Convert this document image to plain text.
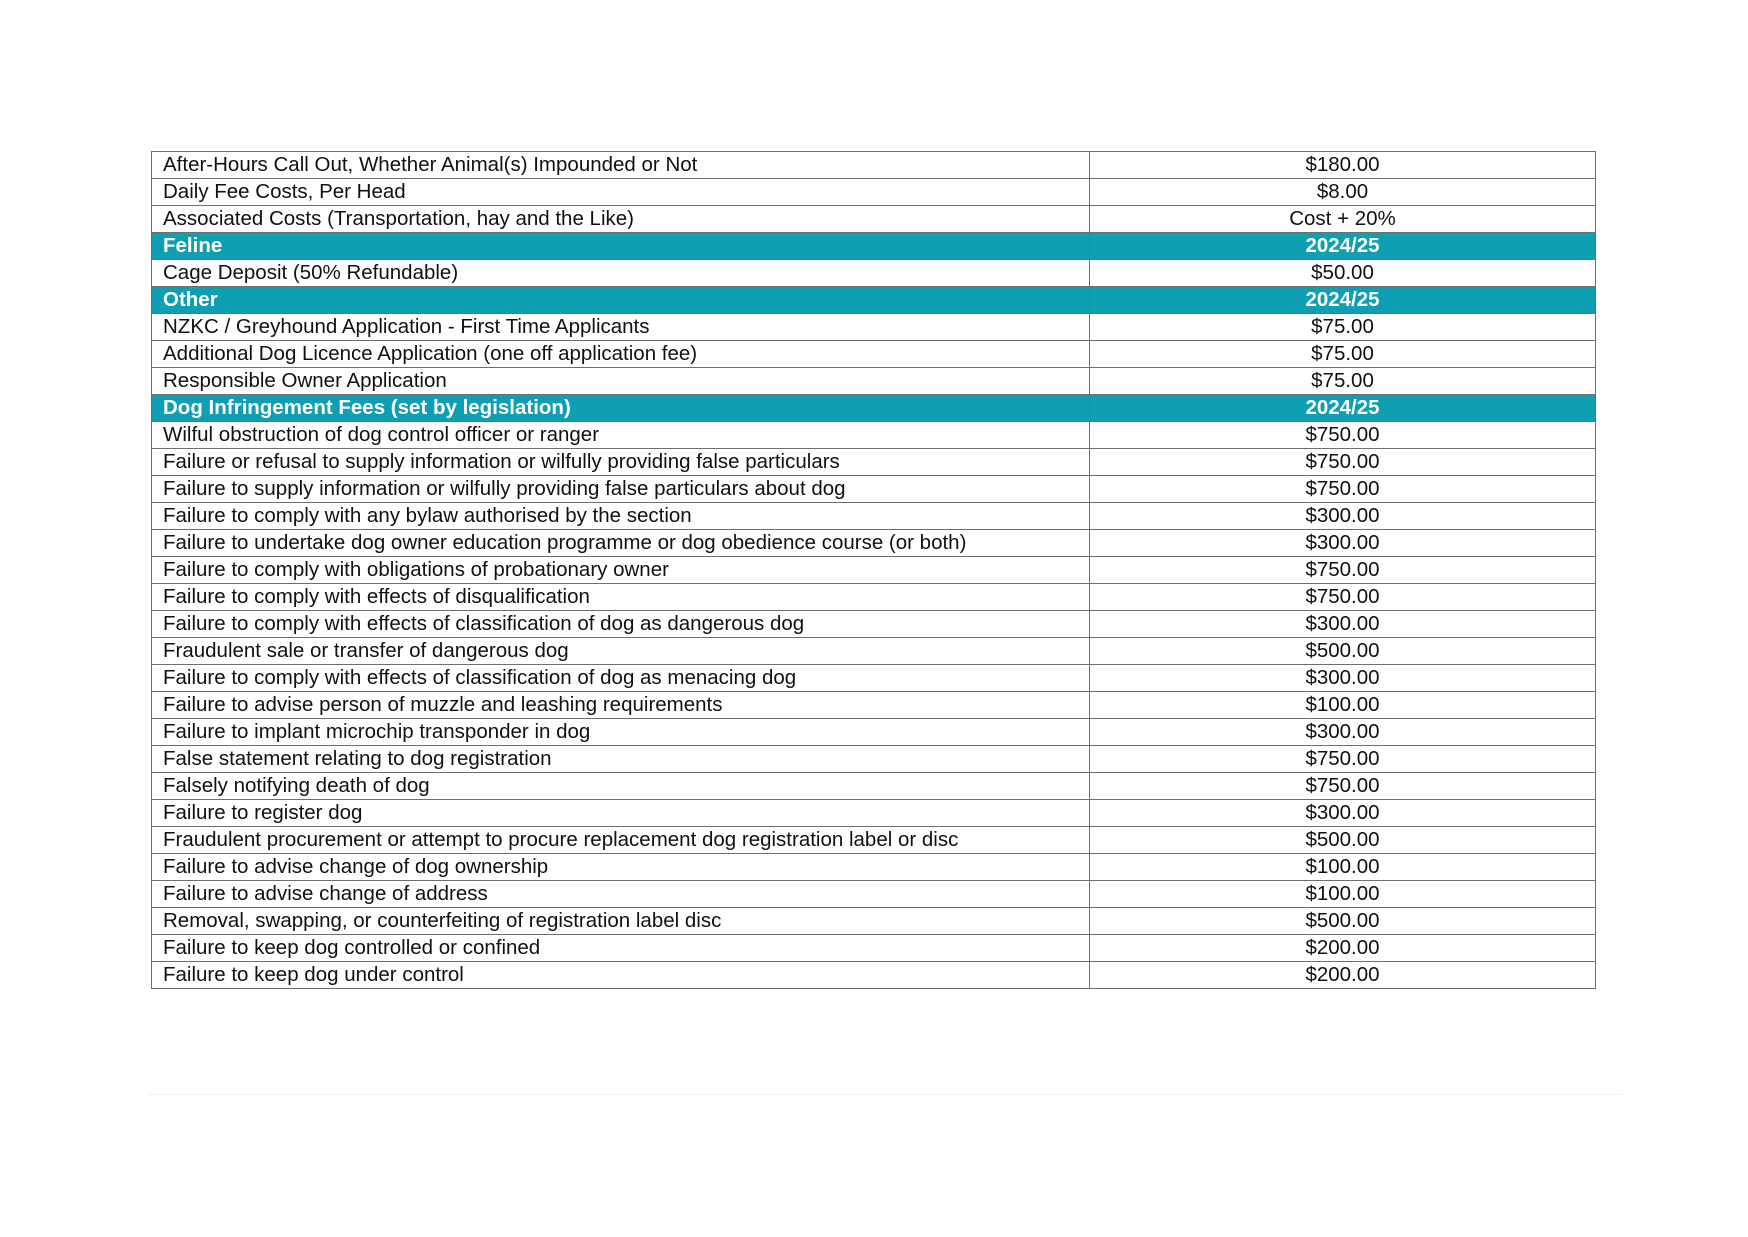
After-Hours Call Out, Whether Animal(s) Impounded or Not	$180.00
Daily Fee Costs, Per Head	$8.00
Associated Costs (Transportation, hay and the Like)	Cost + 20%
Feline	2024/25
Cage Deposit (50% Refundable)	$50.00
Other	2024/25
NZKC / Greyhound Application - First Time Applicants	$75.00
Additional Dog Licence Application (one off application fee)	$75.00
Responsible Owner Application	$75.00
Dog Infringement Fees (set by legislation)	2024/25
Wilful obstruction of dog control officer or ranger	$750.00
Failure or refusal to supply information or wilfully providing false particulars	$750.00
Failure to supply information or wilfully providing false particulars about dog	$750.00
Failure to comply with any bylaw authorised by the section	$300.00
Failure to undertake dog owner education programme or dog obedience course (or both)	$300.00
Failure to comply with obligations of probationary owner	$750.00
Failure to comply with effects of disqualification	$750.00
Failure to comply with effects of classification of dog as dangerous dog	$300.00
Fraudulent sale or transfer of dangerous dog	$500.00
Failure to comply with effects of classification of dog as menacing dog	$300.00
Failure to advise person of muzzle and leashing requirements	$100.00
Failure to implant microchip transponder in dog	$300.00
False statement relating to dog registration	$750.00
Falsely notifying death of dog	$750.00
Failure to register dog	$300.00
Fraudulent procurement or attempt to procure replacement dog registration label or disc	$500.00
Failure to advise change of dog ownership	$100.00
Failure to advise change of address	$100.00
Removal, swapping, or counterfeiting of registration label disc	$500.00
Failure to keep dog controlled or confined	$200.00
Failure to keep dog under control	$200.00
